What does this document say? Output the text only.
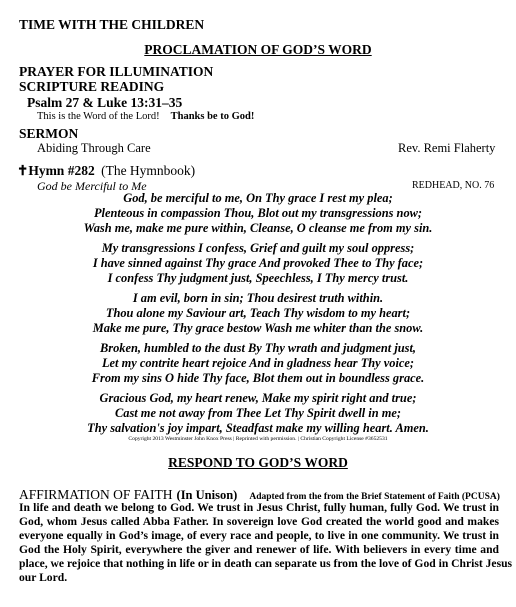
TIME WITH THE CHILDREN
PROCLAMATION OF GOD’S WORD
PRAYER FOR ILLUMINATION
SCRIPTURE READING
Psalm 27 & Luke 13:31–35
This is the Word of the Lord! Thanks be to God!
SERMON
Abiding Through Care	Rev. Remi Flaherty
✝Hymn #282 (The Hymnbook)
God be Merciful to Me	REDHEAD, NO. 76
God, be merciful to me, On Thy grace I rest my plea;
Plenteous in compassion Thou, Blot out my transgressions now;
Wash me, make me pure within, Cleanse, O cleanse me from my sin.
My transgressions I confess, Grief and guilt my soul oppress;
I have sinned against Thy grace And provoked Thee to Thy face;
I confess Thy judgment just, Speechless, I Thy mercy trust.
I am evil, born in sin; Thou desirest truth within.
Thou alone my Saviour art, Teach Thy wisdom to my heart;
Make me pure, Thy grace bestow Wash me whiter than the snow.
Broken, humbled to the dust By Thy wrath and judgment just,
Let my contrite heart rejoice And in gladness hear Thy voice;
From my sins O hide Thy face, Blot them out in boundless grace.
Gracious God, my heart renew, Make my spirit right and true;
Cast me not away from Thee Let Thy Spirit dwell in me;
Thy salvation's joy impart, Steadfast make my willing heart. Amen.
Copyright 2013 Westminster John Knox Press | Reprinted with permission. | Christian Copyright License #3652531
RESPOND TO GOD’S WORD
AFFIRMATION OF FAITH (In Unison) Adapted from the from the Brief Statement of Faith (PCUSA)
In life and death we belong to God. We trust in Jesus Christ, fully human, fully God. We trust in
God, whom Jesus called Abba Father. In sovereign love God created the world good and makes
everyone equally in God’s image, of every race and people, to live in one community. We trust in
God the Holy Spirit, everywhere the giver and renewer of life. With believers in every time and
place, we rejoice that nothing in life or in death can separate us from the love of God in Christ Jesus
our Lord.
